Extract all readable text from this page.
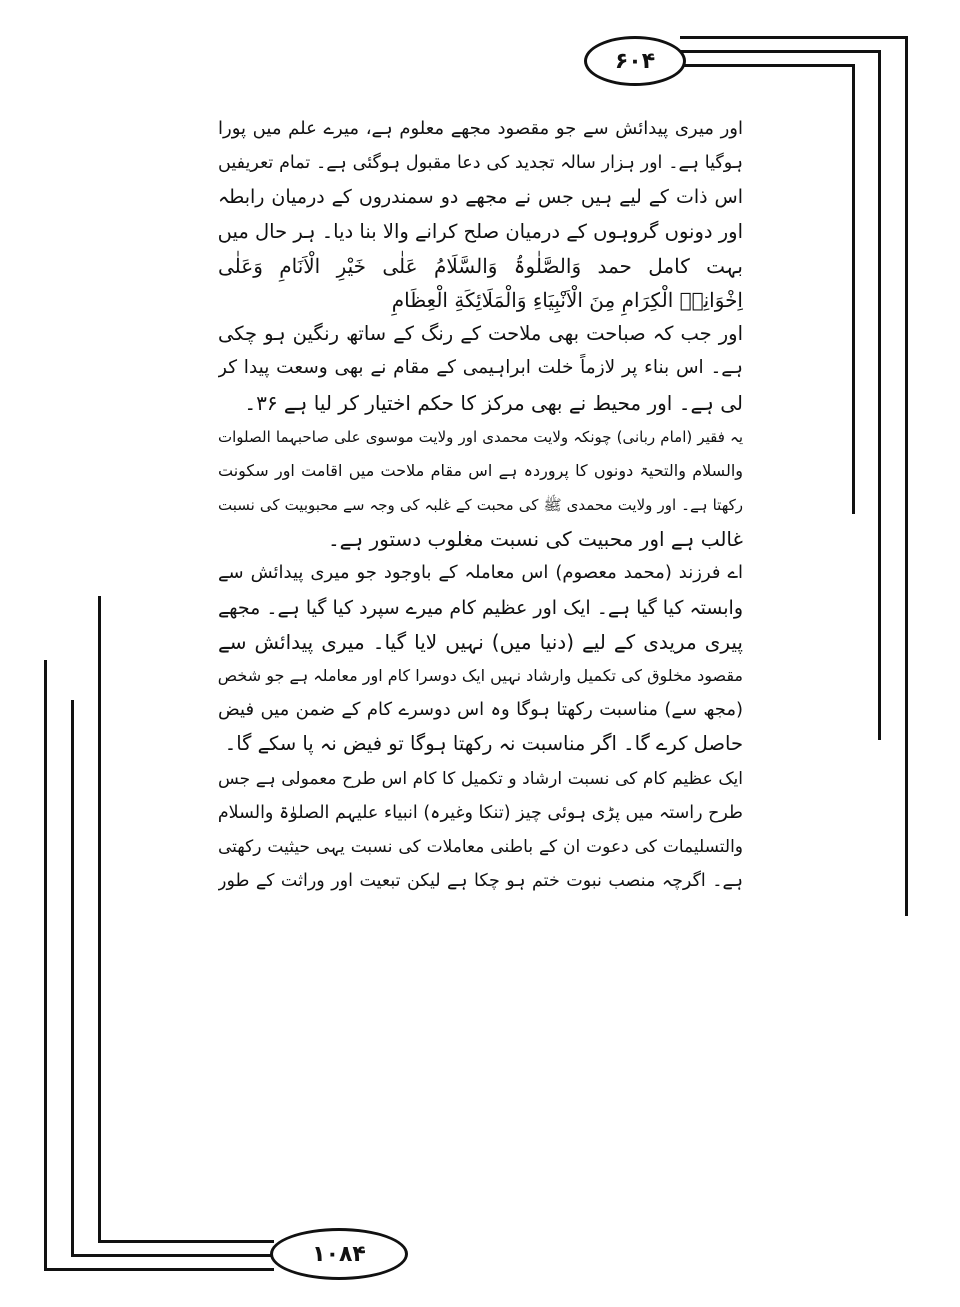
۶۰۴
۱۰۸۴
اور میری پیدائش سے جو مقصود مجھے معلوم ہے، میرے علم میں پورا
ہوگیا ہے۔ اور ہزار سالہ تجدید کی دعا مقبول ہوگئی ہے۔ تمام تعریفیں
اس ذات کے لیے ہیں جس نے مجھے دو سمندروں کے درمیان رابطہ
اور دونوں گروہوں کے درمیان صلح کرانے والا بنا دیا۔ ہر حال میں
بہت کامل حمد وَالصَّلٰوۃُ وَالسَّلَامُ عَلٰی خَیْرِ الْاَنَامِ وَعَلٰی
اِخْوَانِهٖ الْكِرَامِ مِنَ الْاَنْبِیَاءِ وَالْمَلَائِكَةِ الْعِظَامِ
اور جب کہ صباحت بھی ملاحت کے رنگ کے ساتھ رنگین ہو چکی
ہے۔ اس بناء پر لازماً خلت ابراہیمی کے مقام نے بھی وسعت پیدا کر
لی ہے۔ اور محیط نے بھی مرکز کا حکم اختیار کر لیا ہے ۳۶۔
یہ فقیر (امام ربانی) چونکہ ولایت محمدی اور ولایت موسوی علی صاحبہما الصلوات
والسلام والتحیۃ دونوں کا پروردہ ہے اس مقام ملاحت میں اقامت اور سکونت
رکھتا ہے۔ اور ولایت محمدی ﷺ کی محبت کے غلبہ کی وجہ سے محبوبیت کی نسبت
غالب ہے اور محبیت کی نسبت مغلوب دستور ہے۔
اے فرزند (محمد معصوم) اس معاملہ کے باوجود جو میری پیدائش سے
وابستہ کیا گیا ہے۔ ایک اور عظیم کام میرے سپرد کیا گیا ہے۔ مجھے
پیری مریدی کے لیے (دنیا میں) نہیں لایا گیا۔ میری پیدائش سے
مقصود مخلوق کی تکمیل وارشاد نہیں ایک دوسرا کام اور معاملہ ہے جو شخص
(مجھ سے) مناسبت رکھتا ہوگا وہ اس دوسرے کام کے ضمن میں فیض
حاصل کرے گا۔ اگر مناسبت نہ رکھتا ہوگا تو فیض نہ پا سکے گا۔
ایک عظیم کام کی نسبت ارشاد و تکمیل کا کام اس طرح معمولی ہے جس
طرح راستہ میں پڑی ہوئی چیز (تنکا وغیرہ) انبیاء علیہم الصلوٰۃ والسلام
والتسلیمات کی دعوت ان کے باطنی معاملات کی نسبت یہی حیثیت رکھتی
ہے۔ اگرچہ منصب نبوت ختم ہو چکا ہے لیکن تبعیت اور وراثت کے طور
